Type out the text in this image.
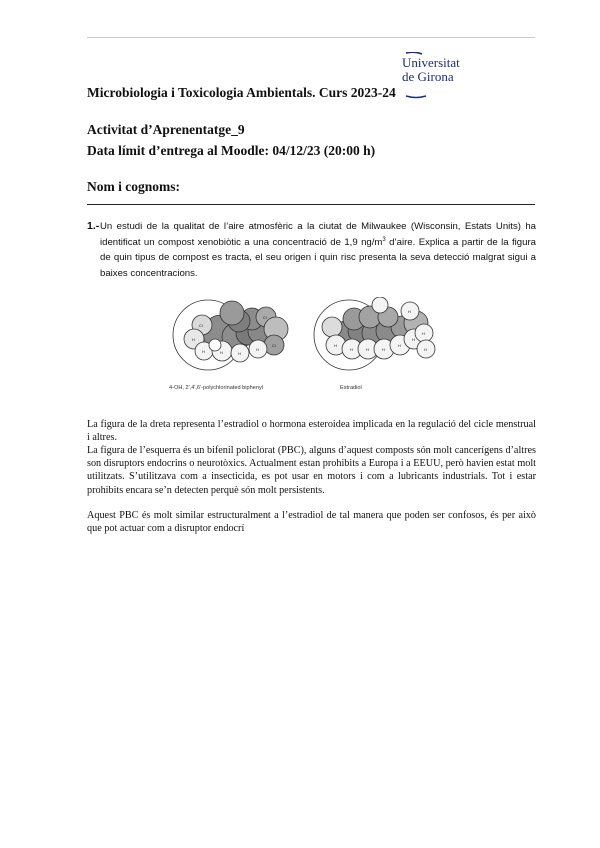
Universitat
de Girona
Microbiologia i Toxicologia Ambientals. Curs 2023-24
Activitat d’Aprenentatge_9
Data límit d’entrega al Moodle: 04/12/23 (20:00 h)
Nom i cognoms:
1.- Un estudi de la qualitat de l’aire atmosfèric a la ciutat de Milwaukee (Wisconsin, Estats Units) ha identificat un compost xenobiòtic a una concentració de 1,9 $ng/m^3$ d’aire. Explica a partir de la figura de quin tipus de compost es tracta, el seu origen i quin risc presenta la seva detecció malgrat sigui a baixes concentracions.
H
H	H	H
H
Cl
Cl
Cl	H
H	H	H
H
H
H
H
H
4-OH, 2',4',6'-polychlorinated biphenyl	Estradiol
La figura de la dreta representa l’estradiol o hormona esteroidea implicada en la regulació del cicle menstrual i altres.
La figura de l’esquerra és un bifenil policlorat (PBC), alguns d’aquest composts són molt cancerígens d’altres son disruptors endocrins o neurotòxics. Actualment estan prohibits a Europa i a EEUU, però havien estat molt utilitzats. S’utilitzava com a insecticida, es pot usar en motors i com a lubricants industrials. Tot i estar prohibits encara se’n detecten perquè són molt persistents.
Aquest PBC és molt similar estructuralment a l’estradiol de tal manera que poden ser confosos, és per això que pot actuar com a disruptor endocrí
